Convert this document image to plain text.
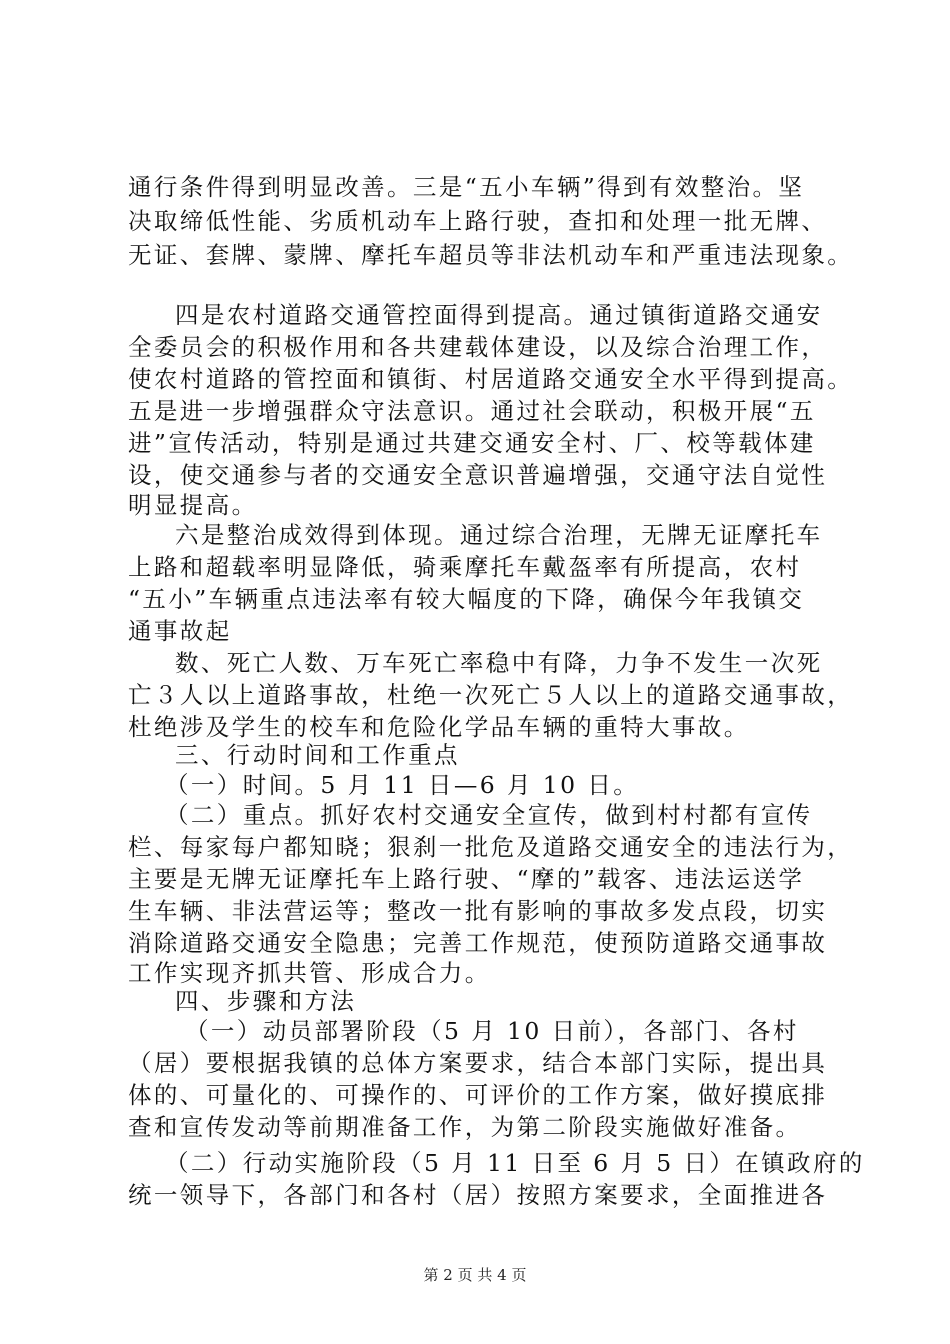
通行条件得到明显改善。三是“五小车辆”得到有效整治。坚
决取缔低性能、劣质机动车上路行驶，查扣和处理一批无牌、
无证、套牌、蒙牌、摩托车超员等非法机动车和严重违法现象。
四是农村道路交通管控面得到提高。通过镇街道路交通安
全委员会的积极作用和各共建载体建设，以及综合治理工作，
使农村道路的管控面和镇街、村居道路交通安全水平得到提高。
五是进一步增强群众守法意识。通过社会联动，积极开展“五
进”宣传活动，特别是通过共建交通安全村、厂、校等载体建
设，使交通参与者的交通安全意识普遍增强，交通守法自觉性
明显提高。
六是整治成效得到体现。通过综合治理，无牌无证摩托车
上路和超载率明显降低，骑乘摩托车戴盔率有所提高，农村
“五小”车辆重点违法率有较大幅度的下降，确保今年我镇交
通事故起
数、死亡人数、万车死亡率稳中有降，力争不发生一次死
亡３人以上道路事故，杜绝一次死亡５人以上的道路交通事故，
杜绝涉及学生的校车和危险化学品车辆的重特大事故。
三、行动时间和工作重点
（一）时间。5 月 11 日—6 月 10 日。
（二）重点。抓好农村交通安全宣传，做到村村都有宣传
栏、每家每户都知晓；狠刹一批危及道路交通安全的违法行为，
主要是无牌无证摩托车上路行驶、“摩的”载客、违法运送学
生车辆、非法营运等；整改一批有影响的事故多发点段，切实
消除道路交通安全隐患；完善工作规范，使预防道路交通事故
工作实现齐抓共管、形成合力。
四、步骤和方法
（一）动员部署阶段（5 月 10 日前），各部门、各村
（居）要根据我镇的总体方案要求，结合本部门实际，提出具
体的、可量化的、可操作的、可评价的工作方案，做好摸底排
查和宣传发动等前期准备工作，为第二阶段实施做好准备。
（二）行动实施阶段（5 月 11 日至 6 月 5 日）在镇政府的
统一领导下，各部门和各村（居）按照方案要求，全面推进各
第 2 页 共 4 页
